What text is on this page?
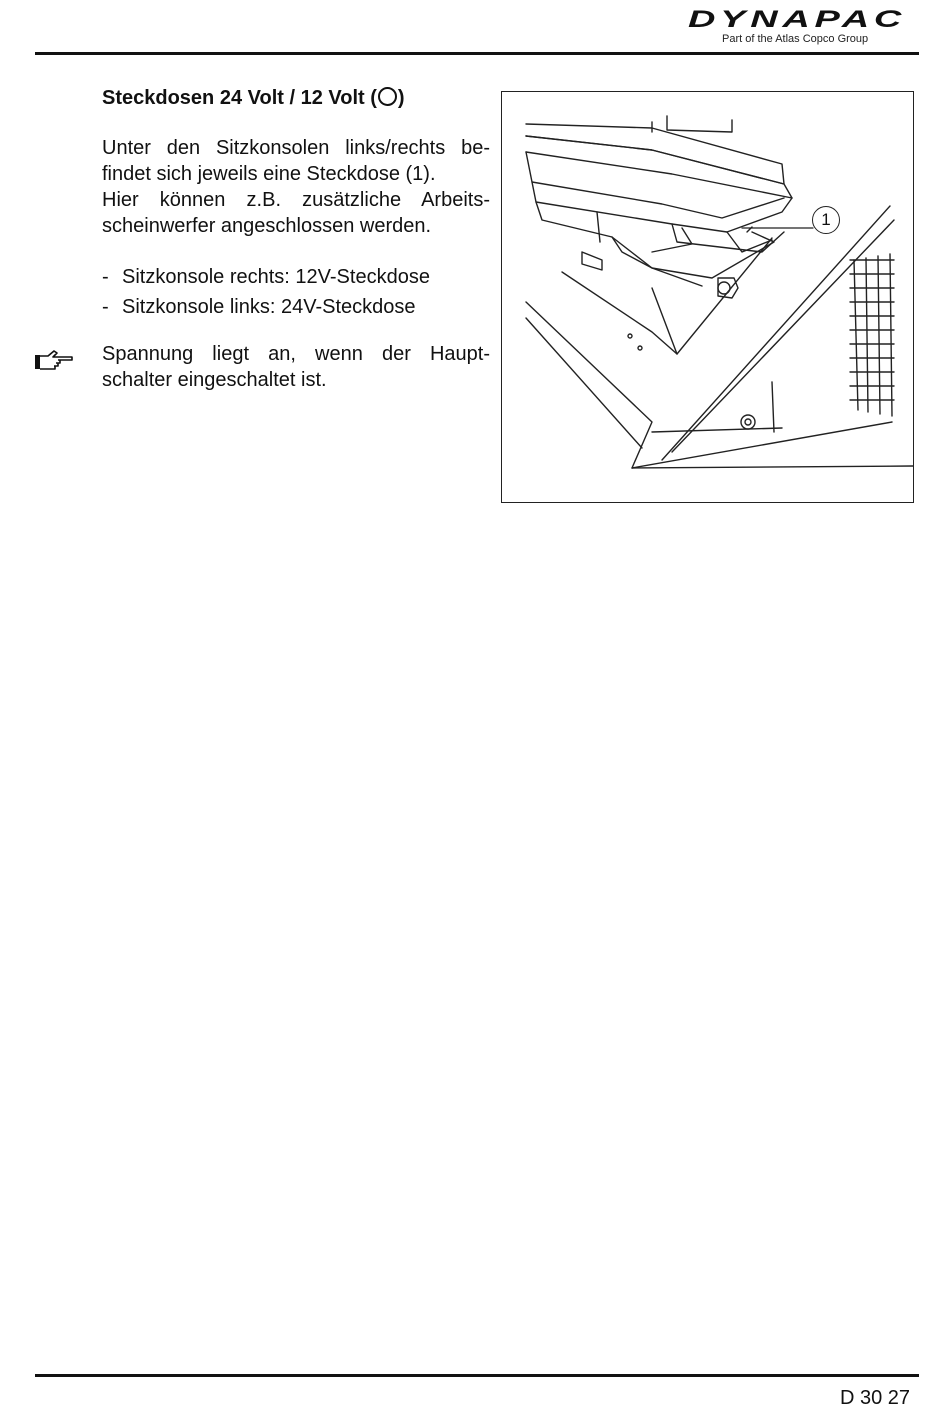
DYNAPAC
Part of the Atlas Copco Group
Steckdosen 24 Volt / 12 Volt ( )
Unter den Sitzkonsolen links/rechts be-
findet sich jeweils eine Steckdose (1).
Hier können z.B. zusätzliche Arbeits-
scheinwerfer angeschlossen werden.
- Sitzkonsole rechts: 12V-Steckdose
- Sitzkonsole links: 24V-Steckdose
Spannung liegt an, wenn der Haupt-
schalter eingeschaltet ist.
1
D 30 27
